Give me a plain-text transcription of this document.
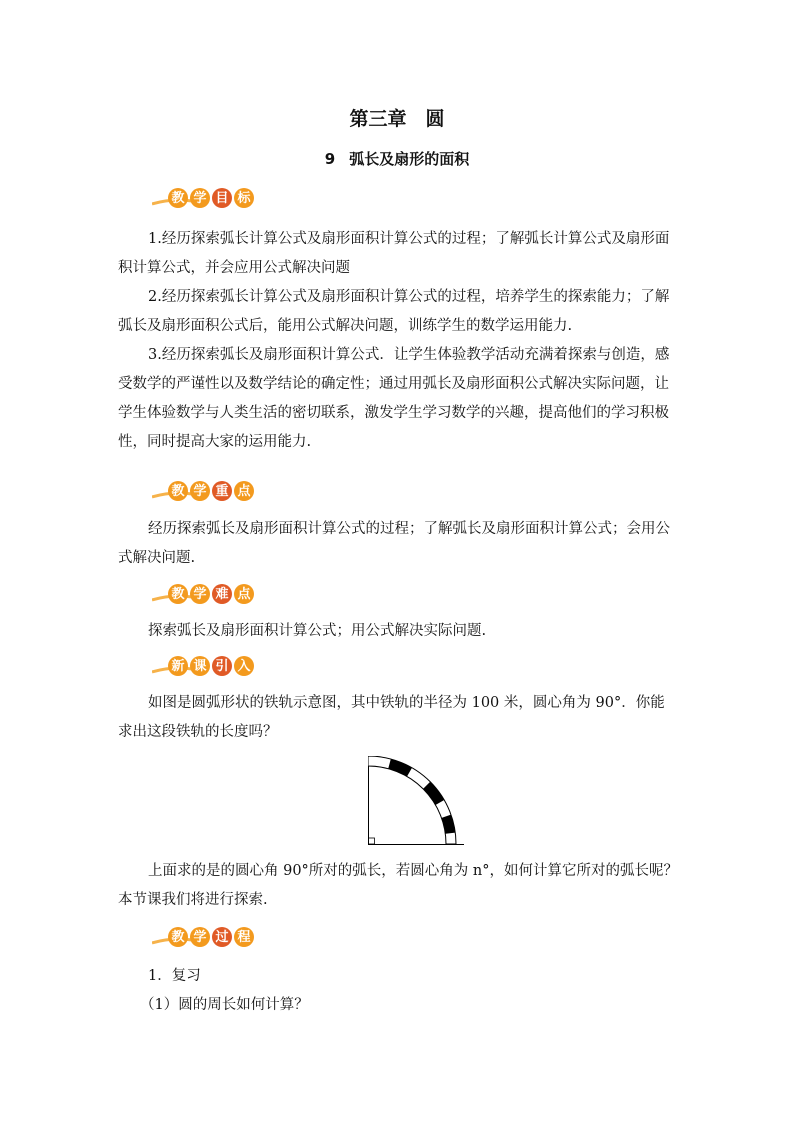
第三章　圆
9 弧长及扇形的面积
教 学 目 标

1.经历探索弧长计算公式及扇形面积计算公式的过程；了解弧长计算公式及扇形面积计算公式，并会应用公式解决问题

2.经历探索弧长计算公式及扇形面积计算公式的过程，培养学生的探索能力；了解弧长及扇形面积公式后，能用公式解决问题，训练学生的数学运用能力.

3.经历探索弧长及扇形面积计算公式．让学生体验教学活动充满着探索与创造，感受数学的严谨性以及数学结论的确定性；通过用弧长及扇形面积公式解决实际问题，让学生体验数学与人类生活的密切联系，激发学生学习数学的兴趣，提高他们的学习积极性，同时提高大家的运用能力.

教 学 重 点

经历探索弧长及扇形面积计算公式的过程；了解弧长及扇形面积计算公式；会用公式解决问题.

教 学 难 点

探索弧长及扇形面积计算公式；用公式解决实际问题.

新 课 引 入

如图是圆弧形状的铁轨示意图，其中铁轨的半径为 100 米，圆心角为 90°．你能求出这段铁轨的长度吗？

上面求的是的圆心角 90°所对的弧长，若圆心角为 n°，如何计算它所对的弧长呢？ 本节课我们将进行探索.

教 学 过 程

1．复习

（1）圆的周长如何计算？
